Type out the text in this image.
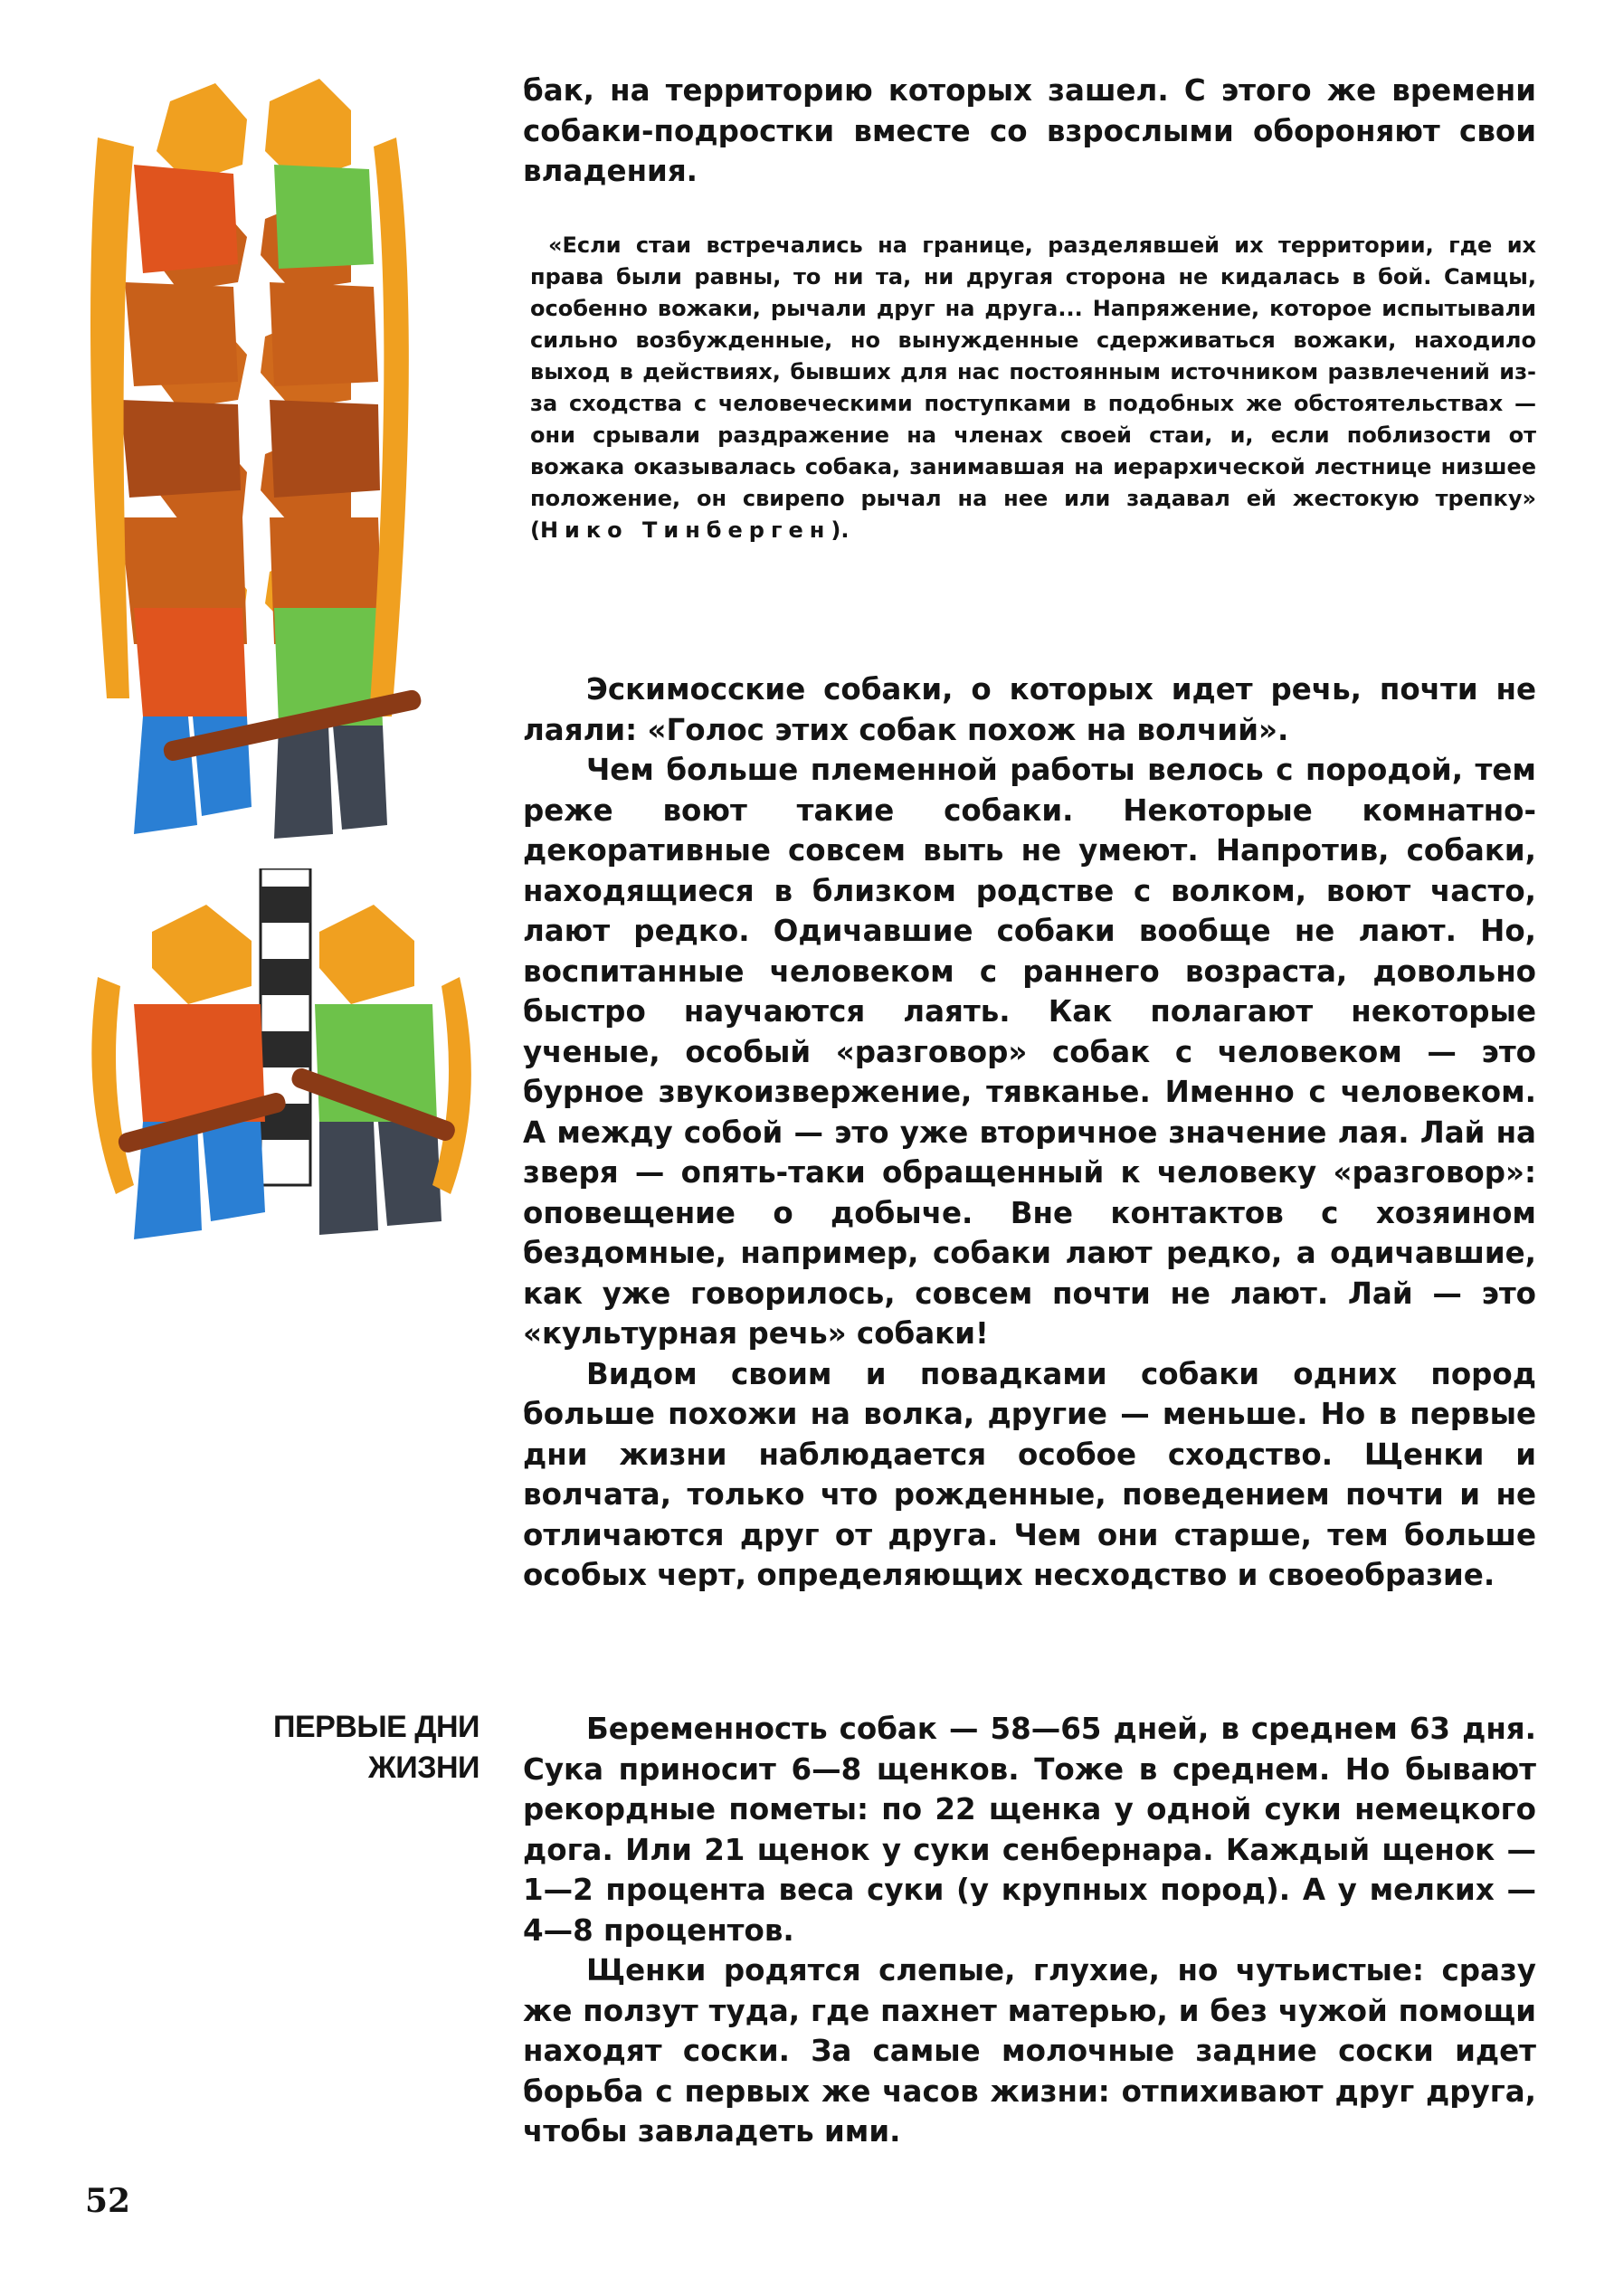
бак, на территорию которых зашел. С этого же времени собаки-подростки вместе со взрослыми обороняют свои владения.

«Если стаи встречались на границе, разделявшей их территории, где их права были равны, то ни та, ни другая сторона не кидалась в бой. Самцы, особенно вожаки, рычали друг на друга... Напряжение, которое испытывали сильно возбужденные, но вынужденные сдерживаться вожаки, находило выход в действиях, бывших для нас постоянным источником развлечений из-за сходства с человеческими поступками в подобных же обстоятельствах — они срывали раздражение на членах своей стаи, и, если поблизости от вожака оказывалась собака, занимавшая на иерархической лестнице низшее положение, он свирепо рычал на нее или задавал ей жестокую трепку» (Нико Тинберген).

Эскимосские собаки, о которых идет речь, почти не лаяли: «Голос этих собак похож на волчий».

Чем больше племенной работы велось с породой, тем реже воют такие собаки. Некоторые комнатно-декоративные совсем выть не умеют. Напротив, собаки, находящиеся в близком родстве с волком, воют часто, лают редко. Одичавшие собаки вообще не лают. Но, воспитанные человеком с раннего возраста, довольно быстро научаются лаять. Как полагают некоторые ученые, особый «разговор» собак с человеком — это бурное звукоизвержение, тявканье. Именно с человеком. А между собой — это уже вторичное значение лая. Лай на зверя — опять-таки обращенный к человеку «разговор»: оповещение о добыче. Вне контактов с хозяином бездомные, например, собаки лают редко, а одичавшие, как уже говорилось, совсем почти не лают. Лай — это «культурная речь» собаки!

Видом своим и повадками собаки одних пород больше похожи на волка, другие — меньше. Но в первые дни жизни наблюдается особое сходство. Щенки и волчата, только что рожденные, поведением почти и не отличаются друг от друга. Чем они старше, тем больше особых черт, определяющих несходство и своеобразие.

ПЕРВЫЕ ДНИ
ЖИЗНИ

Беременность собак — 58—65 дней, в среднем 63 дня. Сука приносит 6—8 щенков. Тоже в среднем. Но бывают рекордные пометы: по 22 щенка у одной суки немецкого дога. Или 21 щенок у суки сенбернара. Каждый щенок — 1—2 процента веса суки (у крупных пород). А у мелких — 4—8 процентов.

Щенки родятся слепые, глухие, но чутьистые: сразу же ползут туда, где пахнет матерью, и без чужой помощи находят соски. За самые молочные задние соски идет борьба с первых же часов жизни: отпихивают друг друга, чтобы завладеть ими.

52
